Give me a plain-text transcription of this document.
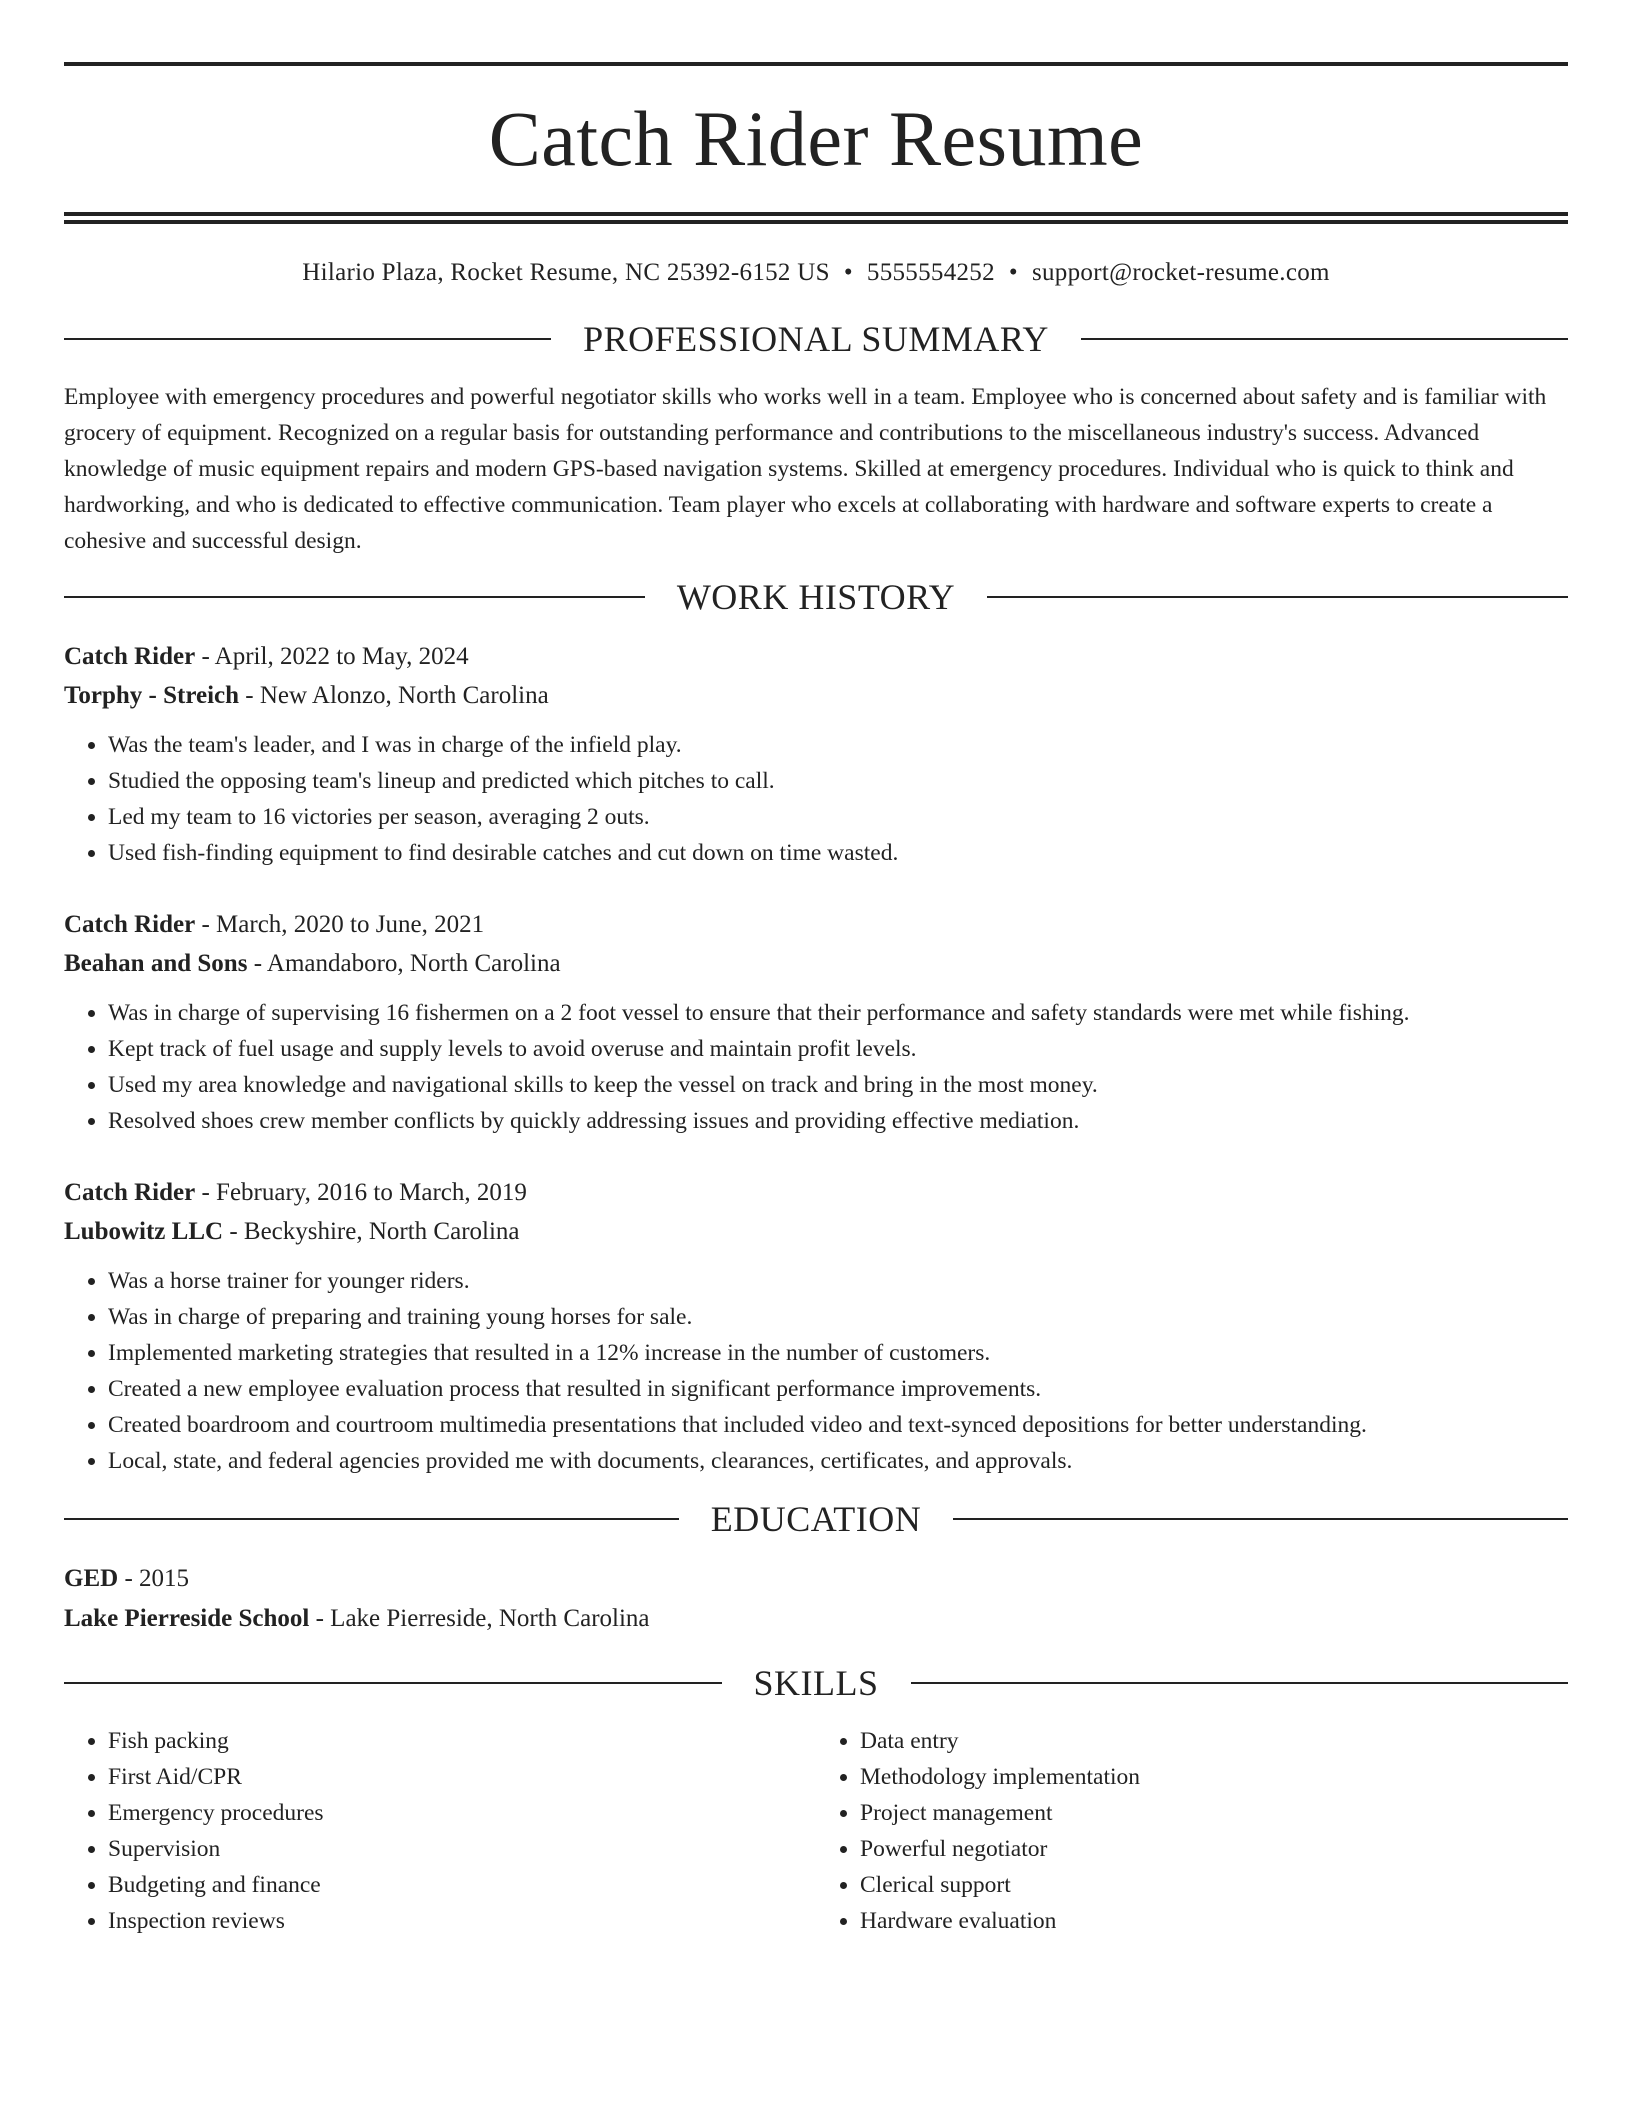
Catch Rider Resume
Hilario Plaza, Rocket Resume, NC 25392-6152 US • 5555554252 • support@rocket-resume.com
PROFESSIONAL SUMMARY
Employee with emergency procedures and powerful negotiator skills who works well in a team. Employee who is concerned about safety and is familiar with grocery of equipment. Recognized on a regular basis for outstanding performance and contributions to the miscellaneous industry's success. Advanced knowledge of music equipment repairs and modern GPS-based navigation systems. Skilled at emergency procedures. Individual who is quick to think and hardworking, and who is dedicated to effective communication. Team player who excels at collaborating with hardware and software experts to create a cohesive and successful design.
WORK HISTORY
Catch Rider - April, 2022 to May, 2024
Torphy - Streich - New Alonzo, North Carolina
• Was the team's leader, and I was in charge of the infield play.
• Studied the opposing team's lineup and predicted which pitches to call.
• Led my team to 16 victories per season, averaging 2 outs.
• Used fish-finding equipment to find desirable catches and cut down on time wasted.
Catch Rider - March, 2020 to June, 2021
Beahan and Sons - Amandaboro, North Carolina
• Was in charge of supervising 16 fishermen on a 2 foot vessel to ensure that their performance and safety standards were met while fishing.
• Kept track of fuel usage and supply levels to avoid overuse and maintain profit levels.
• Used my area knowledge and navigational skills to keep the vessel on track and bring in the most money.
• Resolved shoes crew member conflicts by quickly addressing issues and providing effective mediation.
Catch Rider - February, 2016 to March, 2019
Lubowitz LLC - Beckyshire, North Carolina
• Was a horse trainer for younger riders.
• Was in charge of preparing and training young horses for sale.
• Implemented marketing strategies that resulted in a 12% increase in the number of customers.
• Created a new employee evaluation process that resulted in significant performance improvements.
• Created boardroom and courtroom multimedia presentations that included video and text-synced depositions for better understanding.
• Local, state, and federal agencies provided me with documents, clearances, certificates, and approvals.
EDUCATION
GED - 2015
Lake Pierreside School - Lake Pierreside, North Carolina
SKILLS
• Fish packing
• First Aid/CPR
• Emergency procedures
• Supervision
• Budgeting and finance
• Inspection reviews
• Data entry
• Methodology implementation
• Project management
• Powerful negotiator
• Clerical support
• Hardware evaluation
